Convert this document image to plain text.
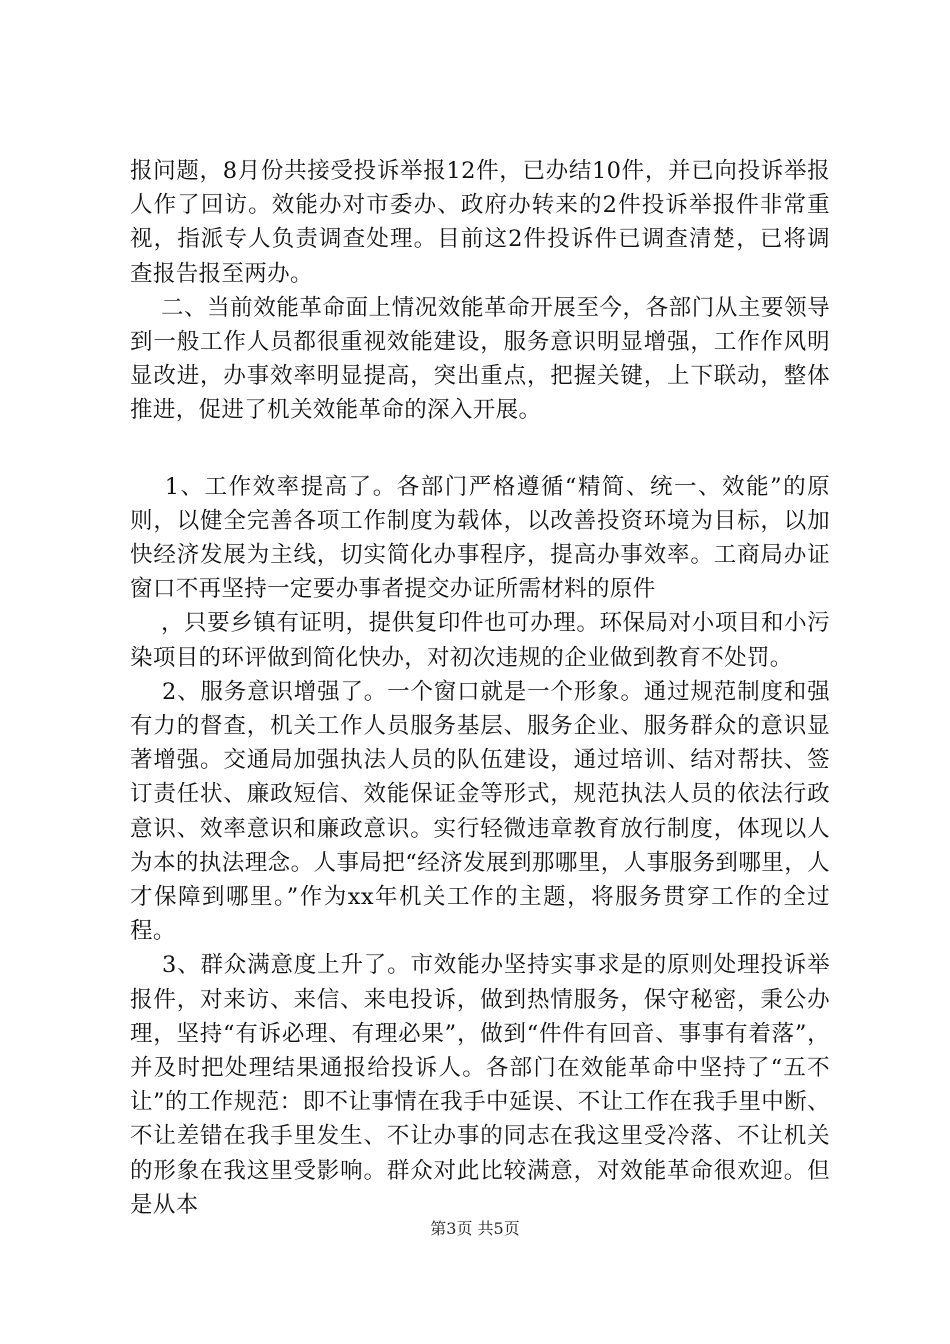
报问题，8月份共接受投诉举报12件，已办结10件，并已向投诉举报人作了回访。效能办对市委办、政府办转来的2件投诉举报件非常重视，指派专人负责调查处理。目前这2件投诉件已调查清楚，已将调查报告报至两办。

二、当前效能革命面上情况效能革命开展至今，各部门从主要领导到一般工作人员都很重视效能建设，服务意识明显增强，工作作风明显改进，办事效率明显提高，突出重点，把握关键，上下联动，整体推进，促进了机关效能革命的深入开展。

1、工作效率提高了。各部门严格遵循“精简、统一、效能”的原则，以健全完善各项工作制度为载体，以改善投资环境为目标，以加快经济发展为主线，切实简化办事程序，提高办事效率。工商局办证窗口不再坚持一定要办事者提交办证所需材料的原件

，只要乡镇有证明，提供复印件也可办理。环保局对小项目和小污染项目的环评做到简化快办，对初次违规的企业做到教育不处罚。

2、服务意识增强了。一个窗口就是一个形象。通过规范制度和强有力的督查，机关工作人员服务基层、服务企业、服务群众的意识显著增强。交通局加强执法人员的队伍建设，通过培训、结对帮扶、签订责任状、廉政短信、效能保证金等形式，规范执法人员的依法行政意识、效率意识和廉政意识。实行轻微违章教育放行制度，体现以人为本的执法理念。人事局把“经济发展到那哪里，人事服务到哪里，人才保障到哪里。”作为xx年机关工作的主题，将服务贯穿工作的全过程。

3、群众满意度上升了。市效能办坚持实事求是的原则处理投诉举报件，对来访、来信、来电投诉，做到热情服务，保守秘密，秉公办理，坚持“有诉必理、有理必果”，做到“件件有回音、事事有着落”，并及时把处理结果通报给投诉人。各部门在效能革命中坚持了“五不让”的工作规范：即不让事情在我手中延误、不让工作在我手里中断、不让差错在我手里发生、不让办事的同志在我这里受冷落、不让机关的形象在我这里受影响。群众对此比较满意，对效能革命很欢迎。但是从本

第3页 共5页
